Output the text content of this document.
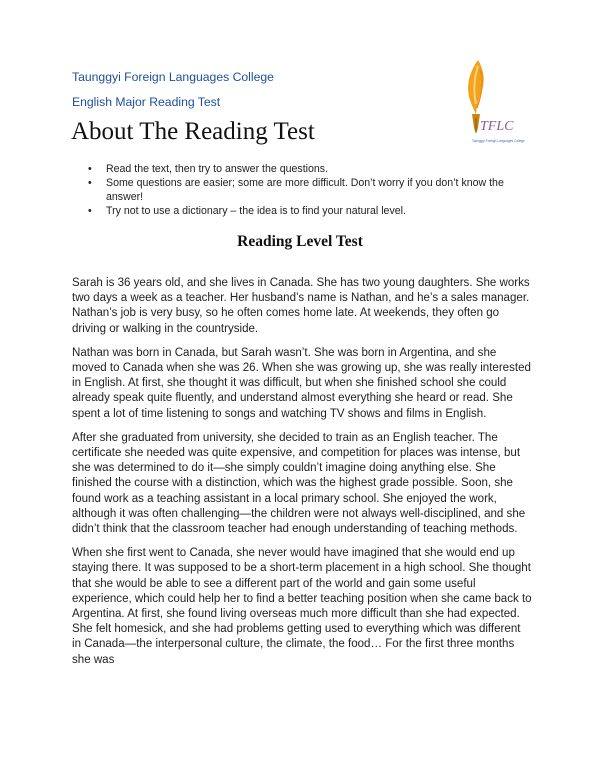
Taunggyi Foreign Languages College
English Major Reading Test
About The Reading Test	TFLC
Taunggyi Foreign Languages College
• Read the text, then try to answer the questions.
• Some questions are easier; some are more difficult. Don’t worry if you don’t know the answer!
• Try not to use a dictionary – the idea is to find your natural level.
Reading Level Test

Sarah is 36 years old, and she lives in Canada. She has two young daughters. She works two days a week as a teacher. Her husband’s name is Nathan, and he’s a sales manager. Nathan’s job is very busy, so he often comes home late. At weekends, they often go driving or walking in the countryside.

Nathan was born in Canada, but Sarah wasn’t. She was born in Argentina, and she moved to Canada when she was 26. When she was growing up, she was really interested in English. At first, she thought it was difficult, but when she finished school she could already speak quite fluently, and understand almost everything she heard or read. She spent a lot of time listening to songs and watching TV shows and films in English.

After she graduated from university, she decided to train as an English teacher. The certificate she needed was quite expensive, and competition for places was intense, but she was determined to do it—she simply couldn’t imagine doing anything else. She finished the course with a distinction, which was the highest grade possible. Soon, she found work as a teaching assistant in a local primary school. She enjoyed the work, although it was often challenging—the children were not always well-disciplined, and she didn’t think that the classroom teacher had enough understanding of teaching methods.

When she first went to Canada, she never would have imagined that she would end up staying there. It was supposed to be a short-term placement in a high school. She thought that she would be able to see a different part of the world and gain some useful experience, which could help her to find a better teaching position when she came back to Argentina. At first, she found living overseas much more difficult than she had expected. She felt homesick, and she had problems getting used to everything which was different in Canada—the interpersonal culture, the climate, the food… For the first three months she was
